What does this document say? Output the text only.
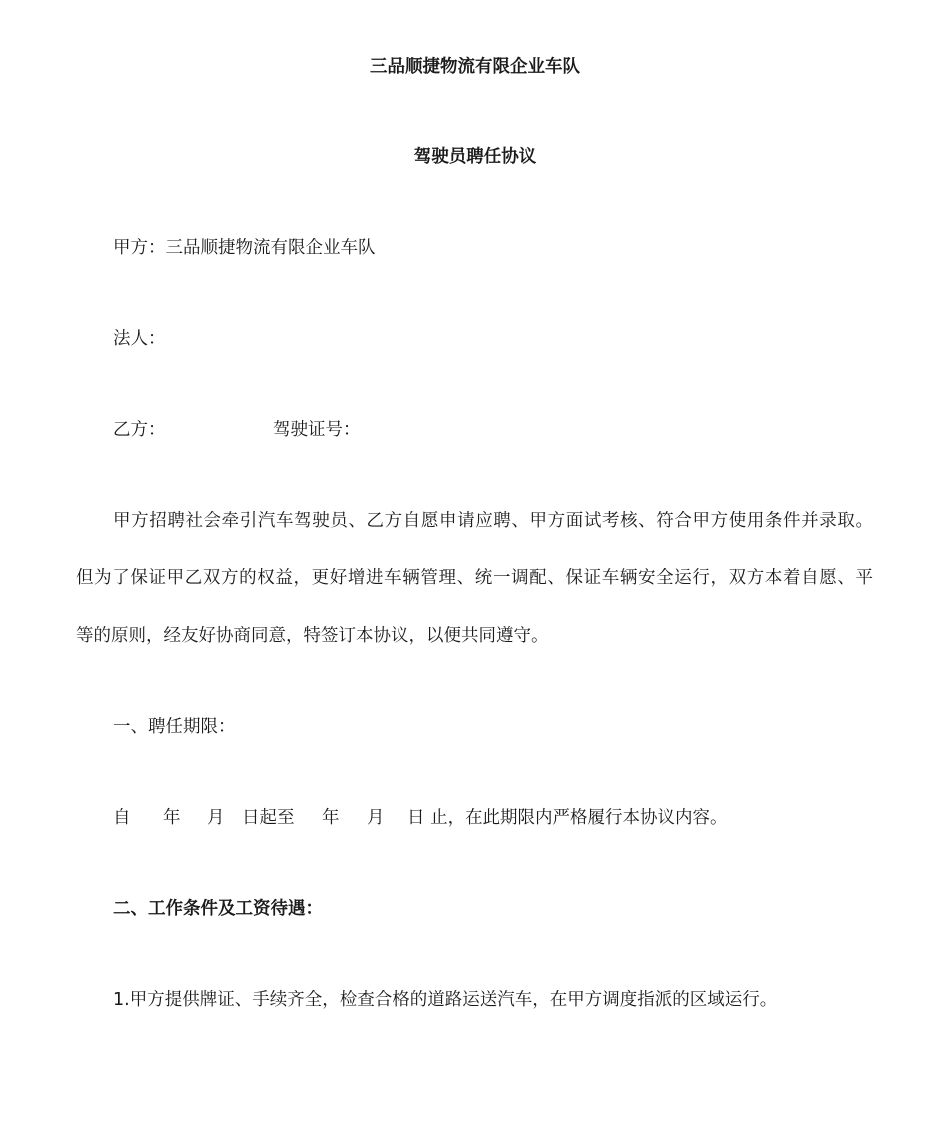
三品顺捷物流有限企业车队
驾驶员聘任协议
甲方：三品顺捷物流有限企业车队
法人：
乙方：	驾驶证号：
甲方招聘社会牵引汽车驾驶员、乙方自愿申请应聘、甲方面试考核、符合甲方使用条件并录取。
但为了保证甲乙双方的权益，更好增进车辆管理、统一调配、保证车辆安全运行，双方本着自愿、平
等的原则，经友好协商同意，特签订本协议，以便共同遵守。
一、聘任期限：
自 年 月 日起至 年 月 日 止，在此期限内严格履行本协议内容。
二、工作条件及工资待遇：
1.甲方提供牌证、手续齐全，检查合格的道路运送汽车，在甲方调度指派的区域运行。
